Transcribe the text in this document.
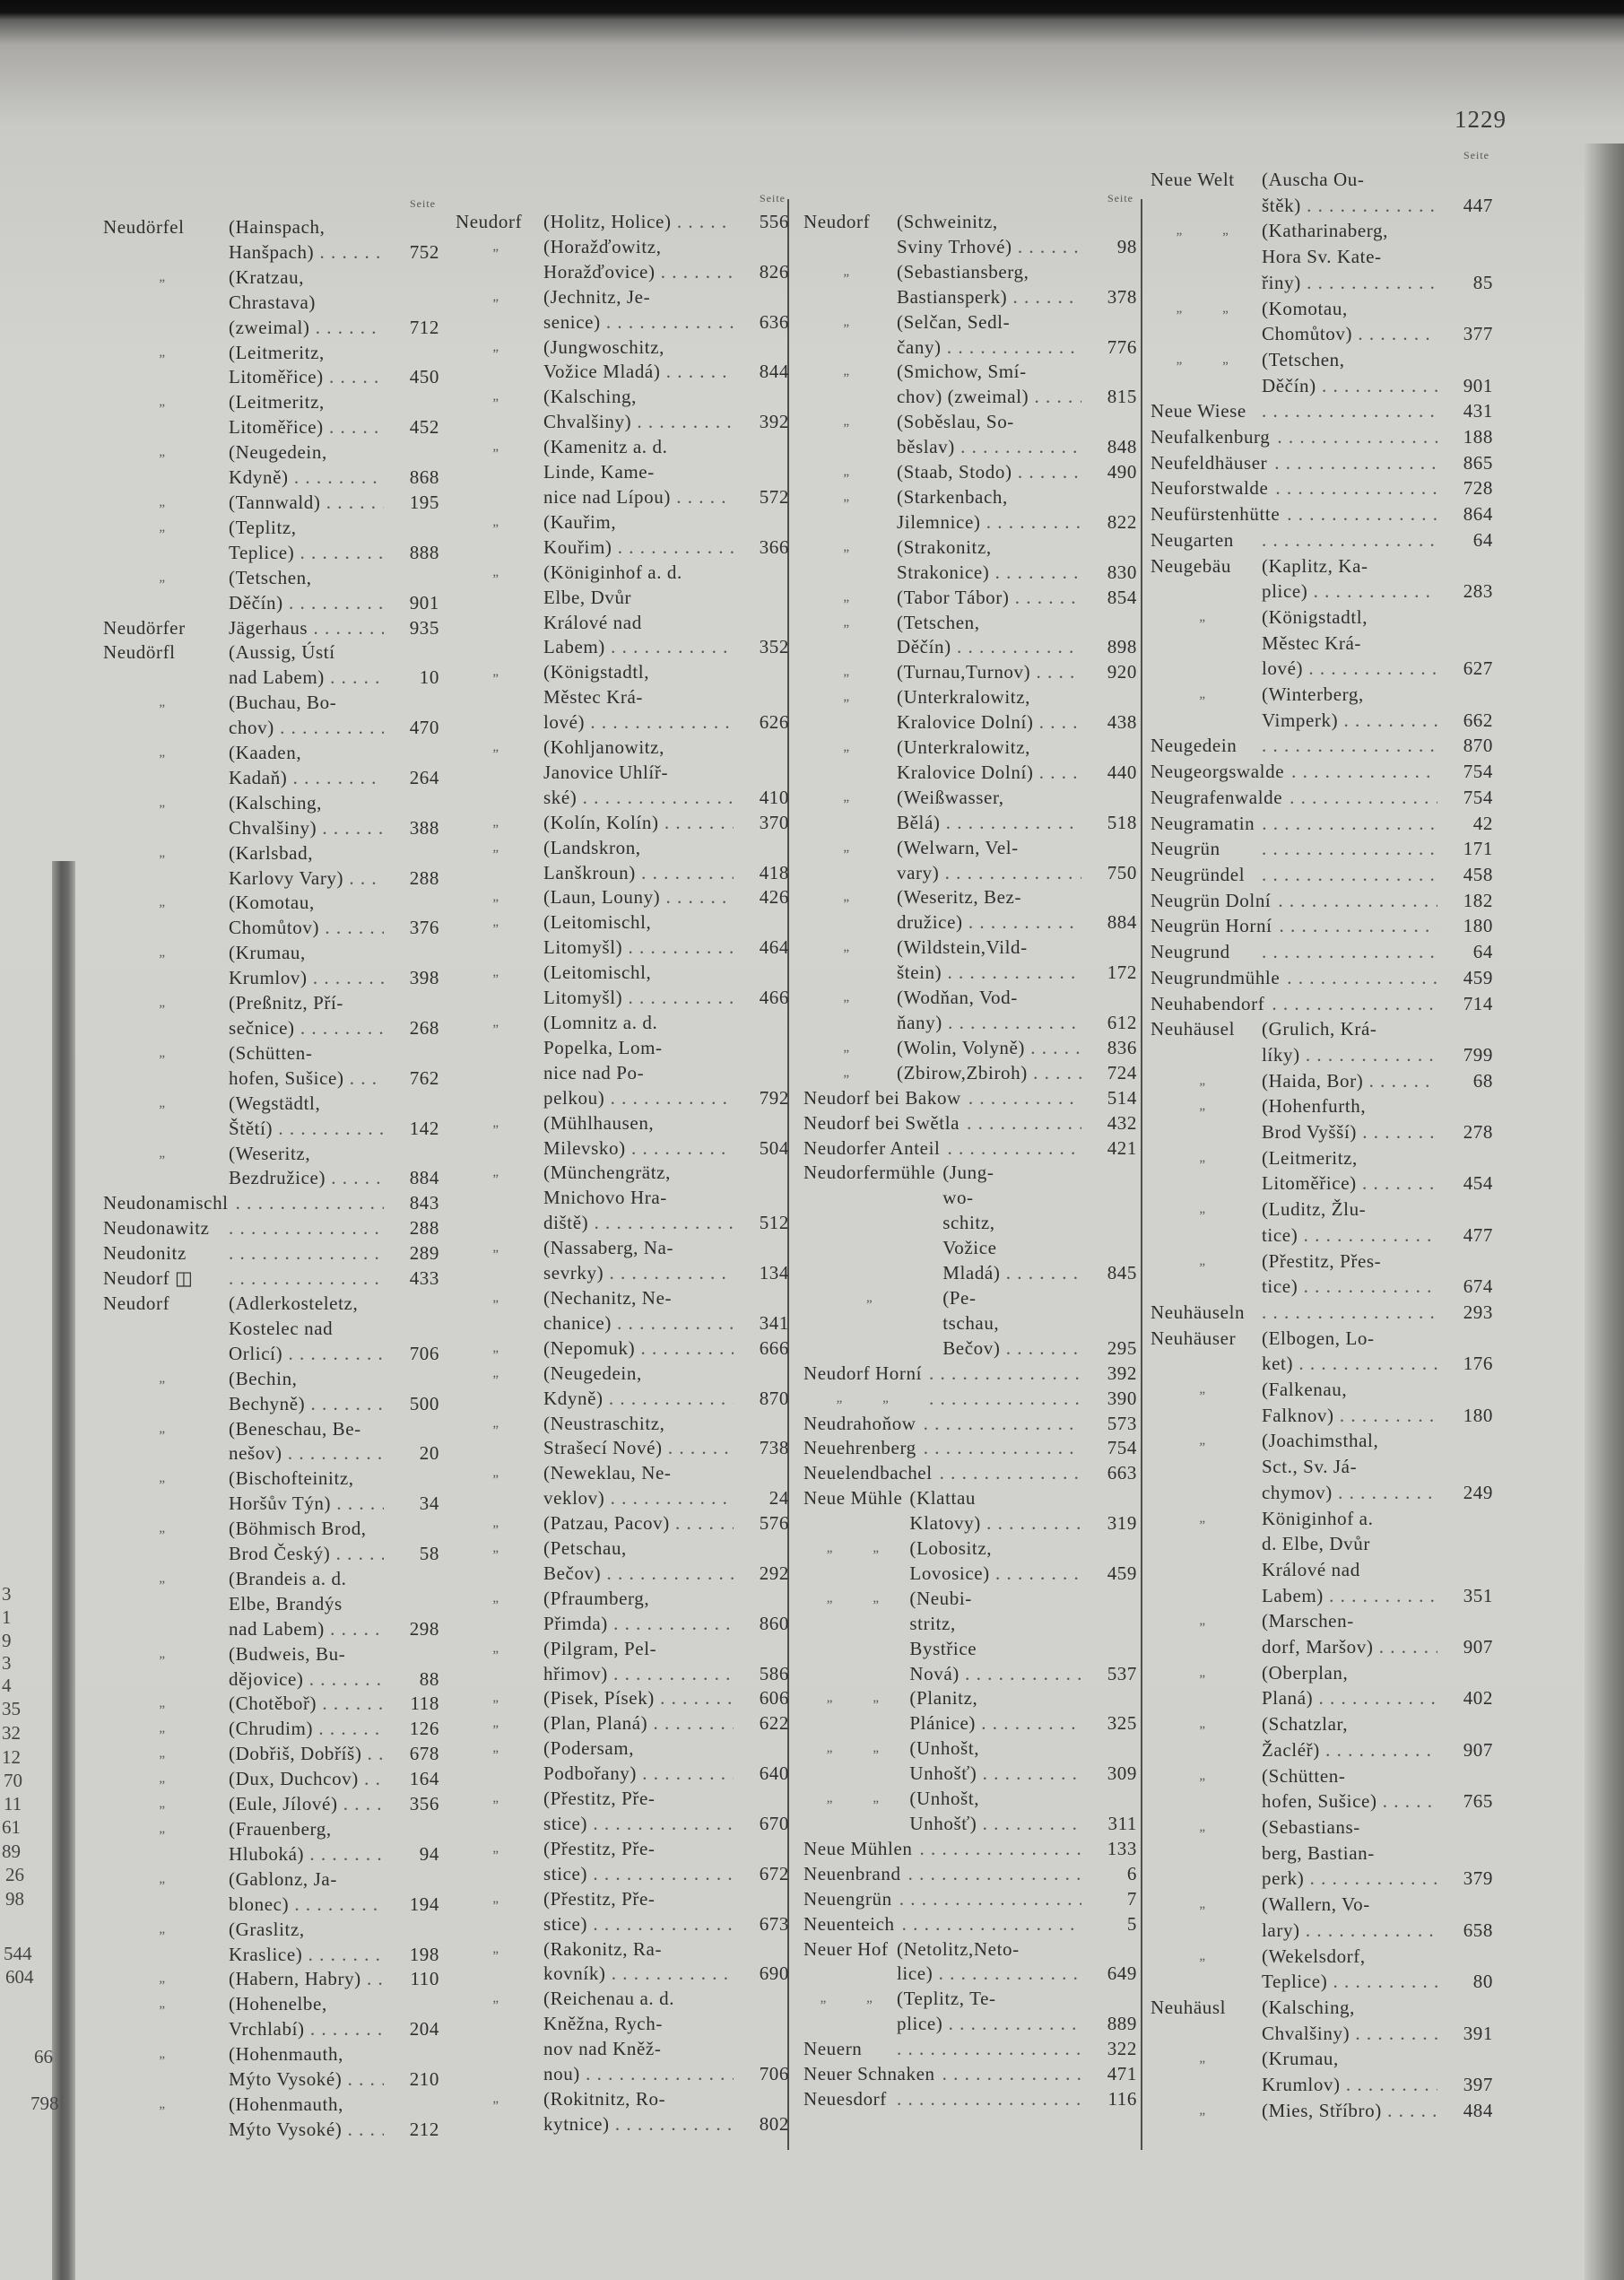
1229
3
1
9
3
4
35
32
12
70
11
61
89
26
98
544
604
66
798
Seite
Neudörfel	(Hainspach,
Hanšpach) . . .	752
„	(Kratzau,
Chrastava)
(zweimal) . . .	712
„	(Leitmeritz,
Litoměřice) . . .	450
„	(Leitmeritz,
Litoměřice) . . .	452
„	(Neugedein,
Kdyně) . . .	868
„	(Tannwald) . . .	195
„	(Teplitz,
Teplice) . . .	888
„	(Tetschen,
Děčín) . . .	901
Neudörfer	Jägerhaus . . .	935
Neudörfl	(Aussig, Ústí
nad Labem) . . .	10
„	(Buchau, Bo-
chov) . . .	470
„	(Kaaden,
Kadaň) . . .	264
„	(Kalsching,
Chvalšiny) . . .	388
„	(Karlsbad,
Karlovy Vary) . . .	288
„	(Komotau,
Chomůtov) . . .	376
„	(Krumau,
Krumlov) . . .	398
„	(Preßnitz, Pří-
sečnice) . . .	268
„	(Schütten-
hofen, Sušice) . . .	762
„	(Wegstädtl,
Štětí) . . .	142
„	(Weseritz,
Bezdružice) . . .	884
Neudonamischl . . .	843
Neudonawitz . . .	288
Neudonitz . . .	289
Neudorf ◫ . . .	433
Neudorf	(Adlerkosteletz,
Kostelec nad
Orlicí) . . .	706
„	(Bechin,
Bechyně) . . .	500
„	(Beneschau, Be-
nešov) . . .	20
„	(Bischofteinitz,
Horšův Týn) . . .	34
„	(Böhmisch Brod,
Brod Český) . . .	58
„	(Brandeis a. d.
Elbe, Brandýs
nad Labem) . . .	298
„	(Budweis, Bu-
dějovice) . . .	88
„	(Chotěboř) . . .	118
„	(Chrudim) . . .	126
„	(Dobřiš, Dobříš) . . .	678
„	(Dux, Duchcov) . . .	164
„	(Eule, Jílové) . . .	356
„	(Frauenberg,
Hluboká) . . .	94
„	(Gablonz, Ja-
blonec) . . .	194
„	(Graslitz,
Kraslice) . . .	198
„	(Habern, Habry) . . .	110
„	(Hohenelbe,
Vrchlabí) . . .	204
„	(Hohenmauth,
Mýto Vysoké) . . .	210
„	(Hohenmauth,
Mýto Vysoké) . . .	212
Seite
Neudorf	(Holitz, Holice) . . .	556
„	(Horažďowitz,
Horažďovice) . . .	826
„	(Jechnitz, Je-
senice) . . .	636
„	(Jungwoschitz,
Vožice Mladá) . . .	844
„	(Kalsching,
Chvalšiny) . . .	392
„	(Kamenitz a. d.
Linde, Kame-
nice nad Lípou) . . .	572
„	(Kauřim,
Kouřim) . . .	366
„	(Königinhof a. d.
Elbe, Dvůr
Králové nad
Labem) . . .	352
„	(Königstadtl,
Městec Krá-
lové) . . .	626
„	(Kohljanowitz,
Janovice Uhlíř-
ské) . . .	410
„	(Kolín, Kolín) . . .	370
„	(Landskron,
Lanškroun) . . .	418
„	(Laun, Louny) . . .	426
„	(Leitomischl,
Litomyšl) . . .	464
„	(Leitomischl,
Litomyšl) . . .	466
„	(Lomnitz a. d.
Popelka, Lom-
nice nad Po-
pelkou) . . .	792
„	(Mühlhausen,
Milevsko) . . .	504
„	(Münchengrätz,
Mnichovo Hra-
diště) . . .	512
„	(Nassaberg, Na-
sevrky) . . .	134
„	(Nechanitz, Ne-
chanice) . . .	341
„	(Nepomuk) . . .	666
„	(Neugedein,
Kdyně) . . .	870
„	(Neustraschitz,
Strašecí Nové) . . .	738
„	(Neweklau, Ne-
veklov) . . .	24
„	(Patzau, Pacov) . . .	576
„	(Petschau,
Bečov) . . .	292
„	(Pfraumberg,
Přimda) . . .	860
„	(Pilgram, Pel-
hřimov) . . .	586
„	(Pisek, Písek) . . .	606
„	(Plan, Planá) . . .	622
„	(Podersam,
Podbořany) . . .	640
„	(Přestitz, Pře-
stice) . . .	670
„	(Přestitz, Pře-
stice) . . .	672
„	(Přestitz, Pře-
stice) . . .	673
„	(Rakonitz, Ra-
kovník) . . .	690
„	(Reichenau a. d.
Kněžna, Rych-
nov nad Kněž-
nou) . . .	706
„	(Rokitnitz, Ro-
kytnice) . . .	802
Seite
Neudorf	(Schweinitz,
Sviny Trhové) . . .	98
„	(Sebastiansberg,
Bastiansperk) . . .	378
„	(Selčan, Sedl-
čany) . . .	776
„	(Smichow, Smí-
chov) (zweimal) . . .	815
„	(Soběslau, So-
běslav) . . .	848
„	(Staab, Stodo) . . .	490
„	(Starkenbach,
Jilemnice) . . .	822
„	(Strakonitz,
Strakonice) . . .	830
„	(Tabor Tábor) . . .	854
„	(Tetschen,
Děčín) . . .	898
„	(Turnau,Turnov) . . .	920
„	(Unterkralowitz,
Kralovice Dolní) . . .	438
„	(Unterkralowitz,
Kralovice Dolní) . . .	440
„	(Weißwasser,
Bělá) . . .	518
„	(Welwarn, Vel-
vary) . . .	750
„	(Weseritz, Bez-
družice) . . .	884
„	(Wildstein,Vild-
štein) . . .	172
„	(Wodňan, Vod-
ňany) . . .	612
„	(Wolin, Volyně) . . .	836
„	(Zbirow,Zbiroh) . . .	724
Neudorf bei Bakow . . .	514
Neudorf bei Swětla . . .	432
Neudorfer Anteil . . .	421
Neudorfermühle (Jung-
wo-
schitz,
Vožice
Mladá) . . .	845
„	(Pe-
tschau,
Bečov) . . .	295
Neudorf Horní . . .	392
„ „ . . .	390
Neudrahoňow . . .	573
Neuehrenberg . . .	754
Neuelendbachel . . .	663
Neue Mühle (Klattau
Klatovy) . . .	319
„ „	(Lobositz,
Lovosice) . . .	459
„ „	(Neubi-
stritz,
Bystřice
Nová) . . .	537
„ „	(Planitz,
Plánice) . . .	325
„ „	(Unhošt,
Unhošť) . . .	309
„ „	(Unhošt,
Unhošť) . . .	311
Neue Mühlen . . .	133
Neuenbrand . . .	6
Neuengrün . . .	7
Neuenteich . . .	5
Neuer Hof (Netolitz,Neto-
lice) . . .	649
„ „	(Teplitz, Te-
plice) . . .	889
Neuern . . .	322
Neuer Schnaken . . .	471
Neuesdorf . . .	116
Seite
Neue Welt	(Auscha Ou-
štěk) . . .	447
„ „	(Katharinaberg,
Hora Sv. Kate-
řiny) . . .	85
„ „	(Komotau,
Chomůtov) . . .	377
„ „	(Tetschen,
Děčín) . . .	901
Neue Wiese . . .	431
Neufalkenburg . . .	188
Neufeldhäuser . . .	865
Neuforstwalde . . .	728
Neufürstenhütte . . .	864
Neugarten . . .	64
Neugebäu	(Kaplitz, Ka-
plice) . . .	283
„	(Königstadtl,
Městec Krá-
lové) . . .	627
„	(Winterberg,
Vimperk) . . .	662
Neugedein . . .	870
Neugeorgswalde . . .	754
Neugrafenwalde . . .	754
Neugramatin . . .	42
Neugrün . . .	171
Neugründel . . .	458
Neugrün Dolní . . .	182
Neugrün Horní . . .	180
Neugrund . . .	64
Neugrundmühle . . .	459
Neuhabendorf . . .	714
Neuhäusel	(Grulich, Krá-
líky) . . .	799
„	(Haida, Bor) . . .	68
„	(Hohenfurth,
Brod Vyšší) . . .	278
„	(Leitmeritz,
Litoměřice) . . .	454
„	(Luditz, Žlu-
tice) . . .	477
„	(Přestitz, Přes-
tice) . . .	674
Neuhäuseln . . .	293
Neuhäuser	(Elbogen, Lo-
ket) . . .	176
„	(Falkenau,
Falknov) . . .	180
„	(Joachimsthal,
Sct., Sv. Já-
chymov) . . .	249
„	Königinhof a.
d. Elbe, Dvůr
Králové nad
Labem) . . .	351
„	(Marschen-
dorf, Maršov) . . .	907
„	(Oberplan,
Planá) . . .	402
„	(Schatzlar,
Žacléř) . . .	907
„	(Schütten-
hofen, Sušice) . . .	765
„	(Sebastians-
berg, Bastian-
perk) . . .	379
„	(Wallern, Vo-
lary) . . .	658
„	(Wekelsdorf,
Teplice) . . .	80
Neuhäusl	(Kalsching,
Chvalšiny) . . .	391
„	(Krumau,
Krumlov) . . .	397
„	(Mies, Stříbro) . . .	484
